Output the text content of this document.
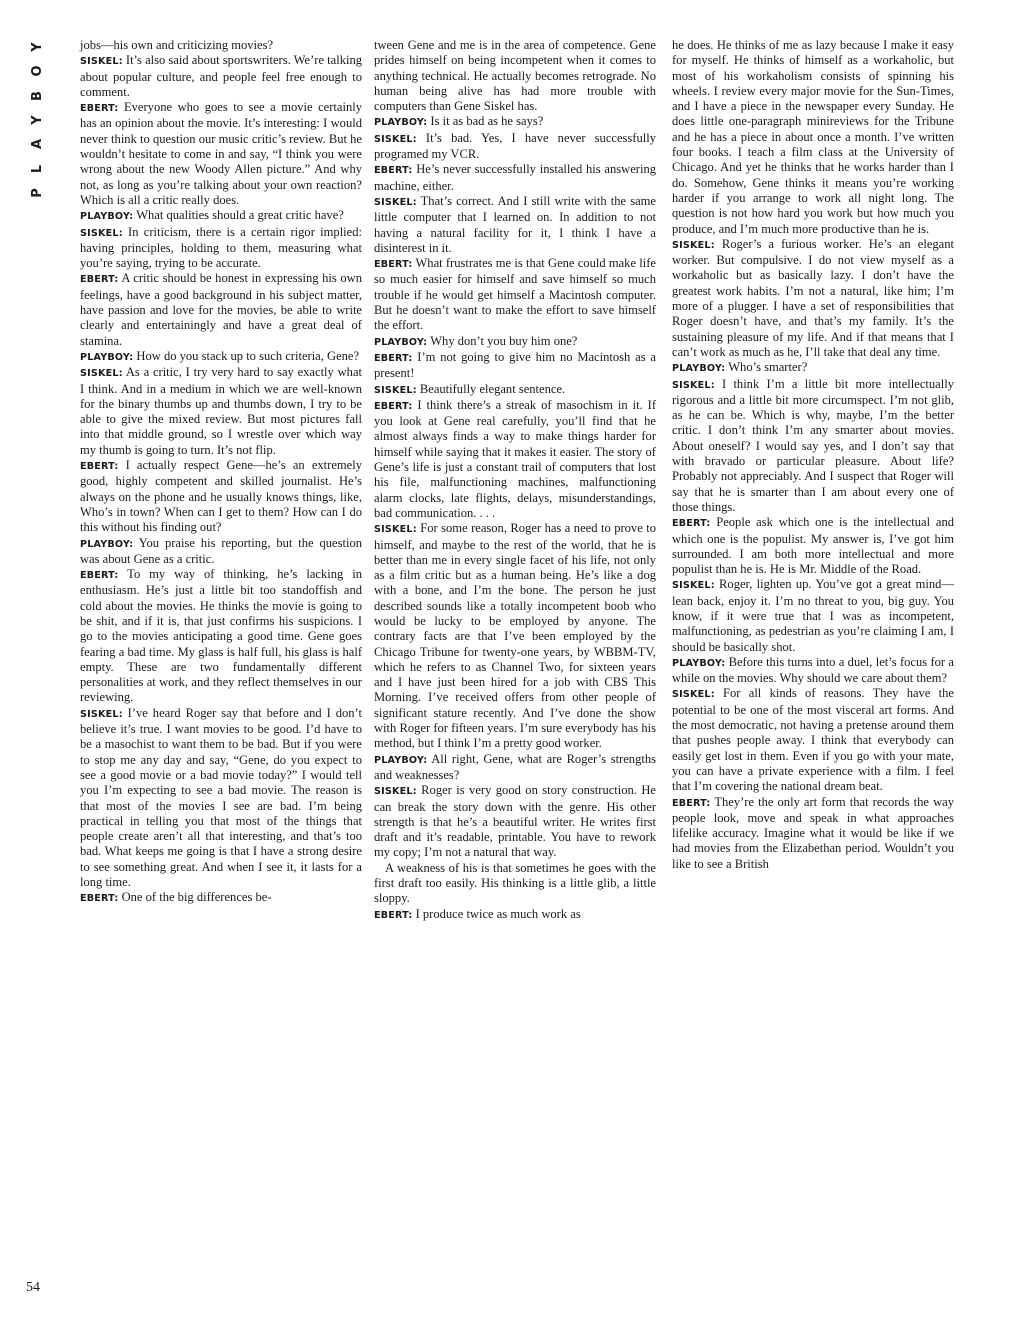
Y
O
B
Y
A
L
P

jobs—his own and criticizing movies?

SISKEL: It’s also said about sportswriters. We’re talking about popular culture, and people feel free enough to comment.

EBERT: Everyone who goes to see a movie certainly has an opinion about the movie. It’s interesting: I would never think to question our music critic’s review. But he wouldn’t hesitate to come in and say, “I think you were wrong about the new Woody Allen picture.” And why not, as long as you’re talking about your own reaction? Which is all a critic really does.

PLAYBOY: What qualities should a great critic have?

SISKEL: In criticism, there is a certain rigor implied: having principles, holding to them, measuring what you’re saying, trying to be accurate.

EBERT: A critic should be honest in expressing his own feelings, have a good background in his subject matter, have passion and love for the movies, be able to write clearly and entertainingly and have a great deal of stamina.

PLAYBOY: How do you stack up to such criteria, Gene?

SISKEL: As a critic, I try very hard to say exactly what I think. And in a medium in which we are well-known for the binary thumbs up and thumbs down, I try to be able to give the mixed review. But most pictures fall into that middle ground, so I wrestle over which way my thumb is going to turn. It’s not flip.

EBERT: I actually respect Gene—he’s an extremely good, highly competent and skilled journalist. He’s always on the phone and he usually knows things, like, Who’s in town? When can I get to them? How can I do this without his finding out?

PLAYBOY: You praise his reporting, but the question was about Gene as a critic.

EBERT: To my way of thinking, he’s lacking in enthusiasm. He’s just a little bit too standoffish and cold about the movies. He thinks the movie is going to be shit, and if it is, that just confirms his suspicions. I go to the movies anticipating a good time. Gene goes fearing a bad time. My glass is half full, his glass is half empty. These are two fundamentally different personalities at work, and they reflect themselves in our reviewing.

SISKEL: I’ve heard Roger say that before and I don’t believe it’s true. I want movies to be good. I’d have to be a masochist to want them to be bad. But if you were to stop me any day and say, “Gene, do you expect to see a good movie or a bad movie today?” I would tell you I’m expecting to see a bad movie. The reason is that most of the movies I see are bad. I’m being practical in telling you that most of the things that people create aren’t all that interesting, and that’s too bad. What keeps me going is that I have a strong desire to see something great. And when I see it, it lasts for a long time.

EBERT: One of the big differences be-

tween Gene and me is in the area of competence. Gene prides himself on being incompetent when it comes to anything technical. He actually becomes retrograde. No human being alive has had more trouble with computers than Gene Siskel has.

PLAYBOY: Is it as bad as he says?

SISKEL: It’s bad. Yes, I have never successfully programed my VCR.

EBERT: He’s never successfully installed his answering machine, either.

SISKEL: That’s correct. And I still write with the same little computer that I learned on. In addition to not having a natural facility for it, I think I have a disinterest in it.

EBERT: What frustrates me is that Gene could make life so much easier for himself and save himself so much trouble if he would get himself a Macintosh computer. But he doesn’t want to make the effort to save himself the effort.

PLAYBOY: Why don’t you buy him one?

EBERT: I’m not going to give him no Macintosh as a present!

SISKEL: Beautifully elegant sentence.

EBERT: I think there’s a streak of masochism in it. If you look at Gene real carefully, you’ll find that he almost always finds a way to make things harder for himself while saying that it makes it easier. The story of Gene’s life is just a constant trail of computers that lost his file, malfunctioning machines, malfunctioning alarm clocks, late flights, delays, misunderstandings, bad communication. . . .

SISKEL: For some reason, Roger has a need to prove to himself, and maybe to the rest of the world, that he is better than me in every single facet of his life, not only as a film critic but as a human being. He’s like a dog with a bone, and I’m the bone. The person he just described sounds like a totally incompetent boob who would be lucky to be employed by anyone. The contrary facts are that I’ve been employed by the Chicago Tribune for twenty-one years, by WBBM-TV, which he refers to as Channel Two, for sixteen years and I have just been hired for a job with CBS This Morning. I’ve received offers from other people of significant stature recently. And I’ve done the show with Roger for fifteen years. I’m sure everybody has his method, but I think I’m a pretty good worker.

PLAYBOY: All right, Gene, what are Roger’s strengths and weaknesses?

SISKEL: Roger is very good on story construction. He can break the story down with the genre. His other strength is that he’s a beautiful writer. He writes first draft and it’s readable, printable. You have to rework my copy; I’m not a natural that way.

A weakness of his is that sometimes he goes with the first draft too easily. His thinking is a little glib, a little sloppy.

EBERT: I produce twice as much work as

he does. He thinks of me as lazy because I make it easy for myself. He thinks of himself as a workaholic, but most of his workaholism consists of spinning his wheels. I review every major movie for the Sun-Times, and I have a piece in the newspaper every Sunday. He does little one-paragraph minireviews for the Tribune and he has a piece in about once a month. I’ve written four books. I teach a film class at the University of Chicago. And yet he thinks that he works harder than I do. Somehow, Gene thinks it means you’re working harder if you arrange to work all night long. The question is not how hard you work but how much you produce, and I’m much more productive than he is.

SISKEL: Roger’s a furious worker. He’s an elegant worker. But compulsive. I do not view myself as a workaholic but as basically lazy. I don’t have the greatest work habits. I’m not a natural, like him; I’m more of a plugger. I have a set of responsibilities that Roger doesn’t have, and that’s my family. It’s the sustaining pleasure of my life. And if that means that I can’t work as much as he, I’ll take that deal any time.

PLAYBOY: Who’s smarter?

SISKEL: I think I’m a little bit more intellectually rigorous and a little bit more circumspect. I’m not glib, as he can be. Which is why, maybe, I’m the better critic. I don’t think I’m any smarter about movies. About oneself? I would say yes, and I don’t say that with bravado or particular pleasure. About life? Probably not appreciably. And I suspect that Roger will say that he is smarter than I am about every one of those things.

EBERT: People ask which one is the intellectual and which one is the populist. My answer is, I’ve got him surrounded. I am both more intellectual and more populist than he is. He is Mr. Middle of the Road.

SISKEL: Roger, lighten up. You’ve got a great mind—lean back, enjoy it. I’m no threat to you, big guy. You know, if it were true that I was as incompetent, malfunctioning, as pedestrian as you’re claiming I am, I should be basically shot.

PLAYBOY: Before this turns into a duel, let’s focus for a while on the movies. Why should we care about them?

SISKEL: For all kinds of reasons. They have the potential to be one of the most visceral art forms. And the most democratic, not having a pretense around them that pushes people away. I think that everybody can easily get lost in them. Even if you go with your mate, you can have a private experience with a film. I feel that I’m covering the national dream beat.

EBERT: They’re the only art form that records the way people look, move and speak in what approaches lifelike accuracy. Imagine what it would be like if we had movies from the Elizabethan period. Wouldn’t you like to see a British

54
